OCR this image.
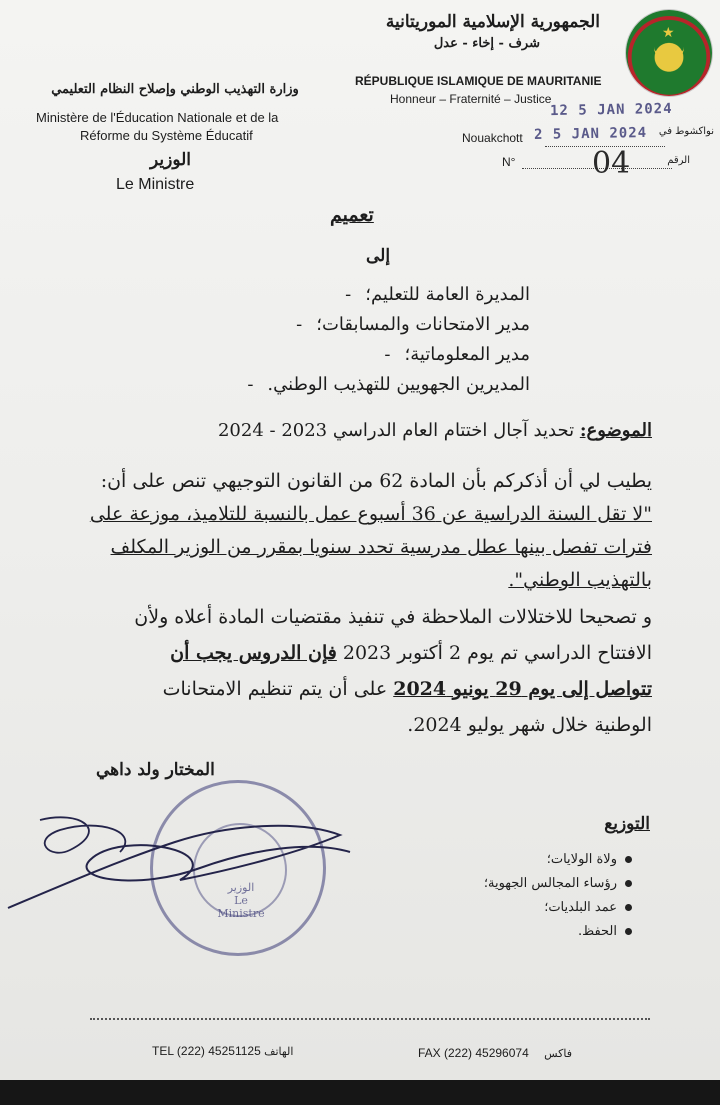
★
الجمهورية الإسلامية الموريتانية
شرف - إخاء - عدل
RÉPUBLIQUE ISLAMIQUE DE MAURITANIE
Honneur – Fraternité – Justice
وزارة التهذيب الوطني وإصلاح النظام التعليمي
Ministère de l'Éducation Nationale et de la
Réforme du Système Éducatif
الوزير
Le Ministre
12 5 JAN 2024
Nouakchott 2 5 JAN 2024 نواكشوط في
N°	04	الرقم
تعميم
إلى
المديرة العامة للتعليم؛-
مدير الامتحانات والمسابقات؛-
مدير المعلوماتية؛-
المديرين الجهويين للتهذيب الوطني.-
الموضوع: تحديد آجال اختتام العام الدراسي 2023 - 2024
يطيب لي أن أذكركم بأن المادة 62 من القانون التوجيهي تنص على أن:
"لا تقل السنة الدراسية عن 36 أسبوع عمل بالنسبة للتلاميذ، موزعة على
فترات تفصل بينها عطل مدرسية تحدد سنويا بمقرر من الوزير المكلف
بالتهذيب الوطني".
و تصحيحا للاختلالات الملاحظة في تنفيذ مقتضيات المادة أعلاه ولأن
الافتتاح الدراسي تم يوم 2 أكتوبر 2023 فإن الدروس يجب أن
تتواصل إلى يوم 29 يونيو 2024 على أن يتم تنظيم الامتحانات
الوطنية خلال شهر يوليو 2024.
المختار ولد داهي
الوزير
Le Ministre
التوزيع
ولاة الولايات؛
رؤساء المجالس الجهوية؛
عمد البلديات؛
الحفظ.
TEL (222) 45251125 الهاتف	FAX (222) 45296074 فاكس
